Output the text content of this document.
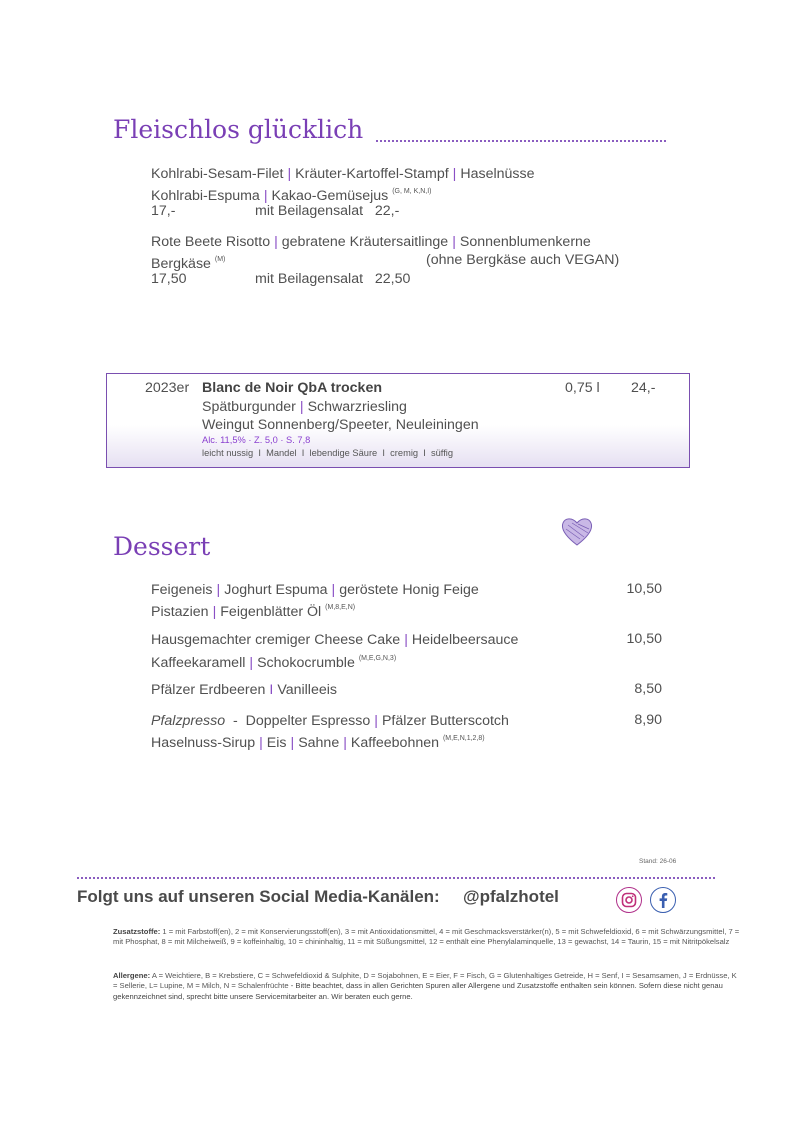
Fleischlos glücklich
Kohlrabi-Sesam-Filet | Kräuter-Kartoffel-Stampf | Haselnüsse
Kohlrabi-Espuma | Kakao-Gemüsejus $^{(G, M, K,N,I)}$
17,-	mit Beilagensalat 22,-
Rote Beete Risotto | gebratene Kräutersaitlinge | Sonnenblumenkerne
Bergkäse $^{(M)}$	(ohne Bergkäse auch VEGAN)
17,50	mit Beilagensalat 22,50
2023er Blanc de Noir QbA trocken	0,75 l 24,-
Spätburgunder | Schwarzriesling
Weingut Sonnenberg/Speeter, Neuleiningen
Alc. 11,5% · Z. 5,0 · S. 7,8
leicht nussig  I  Mandel  I  lebendige Säure  I  cremig  I  süffig
Dessert
Feigeneis | Joghurt Espuma | geröstete Honig Feige	10,50
Pistazien | Feigenblätter Öl $^{(M,8,E,N)}$
Hausgemachter cremiger Cheese Cake | Heidelbeersauce	10,50
Kaffeekaramell | Schokocrumble $^{(M,E,G,N,3)}$
Pfälzer Erdbeeren I Vanilleeis	8,50
Pfalzpresso - Doppelter Espresso | Pfälzer Butterscotch	8,90
Haselnuss-Sirup | Eis | Sahne | Kaffeebohnen $^{(M,E,N,1,2,8)}$
Stand: 26-06
Folgt uns auf unseren Social Media-Kanälen: @pfalzhotel
Zusatzstoffe: 1 = mit Farbstoff(en), 2 = mit Konservierungsstoff(en), 3 = mit Antioxidationsmittel, 4 = mit Geschmacksverstärker(n), 5 = mit Schwefeldioxid, 6 = mit Schwärzungsmittel, 7 = mit Phosphat, 8 = mit Milcheiweiß, 9 = koffeinhaltig, 10 = chininhaltig, 11 = mit Süßungsmittel, 12 = enthält eine Phenylalaminquelle, 13 = gewachst, 14 = Taurin, 15 = mit Nitritpökelsalz
Allergene: A = Weichtiere, B = Krebstiere, C = Schwefeldioxid & Sulphite, D = Sojabohnen, E = Eier, F = Fisch, G = Glutenhaltiges Getreide, H = Senf, I = Sesamsamen, J = Erdnüsse, K = Sellerie, L= Lupine, M = Milch, N = Schalenfrüchte - Bitte beachtet, dass in allen Gerichten Spuren aller Allergene und Zusatzstoffe enthalten sein können. Sofern diese nicht genau gekennzeichnet sind, sprecht bitte unsere Servicemitarbeiter an. Wir beraten euch gerne.
